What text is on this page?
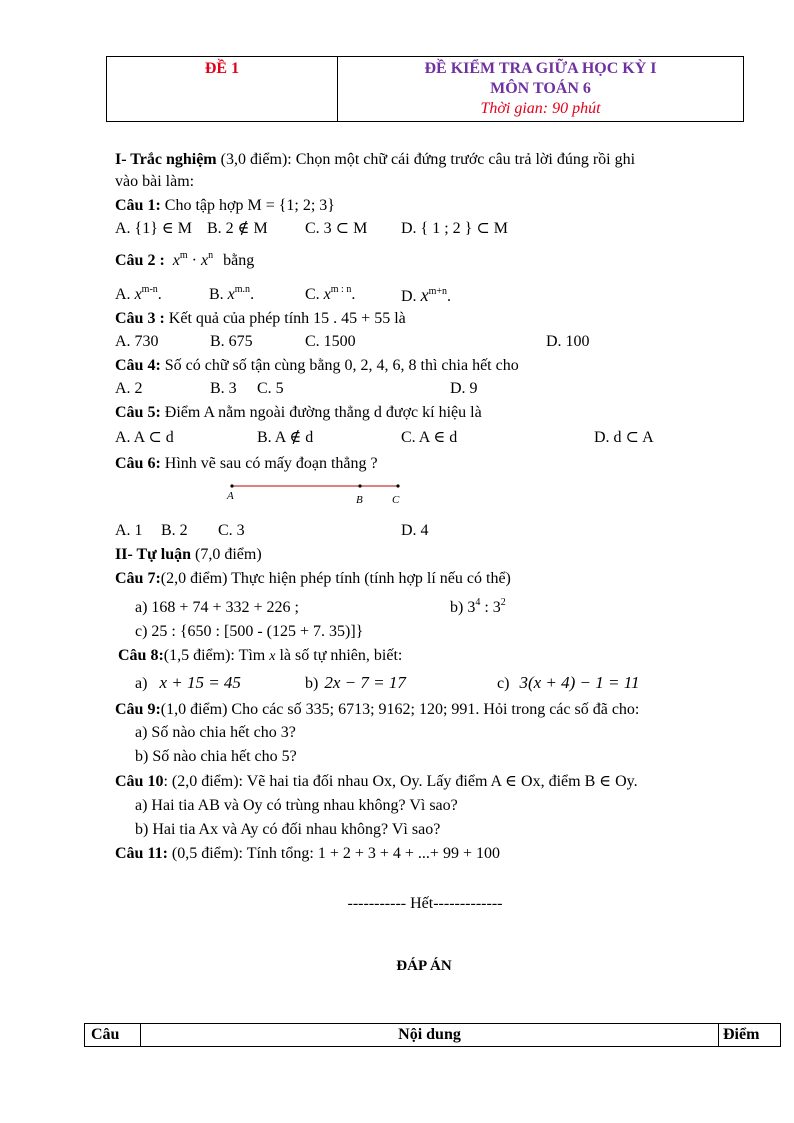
ĐỀ 1	ĐỀ KIỂM TRA GIỮA HỌC KỲ I
MÔN TOÁN 6
Thời gian: 90 phút
I- Trắc nghiệm (3,0 điểm): Chọn một chữ cái đứng trước câu trả lời đúng rồi ghi
vào bài làm:
Câu 1: Cho tập hợp M = {1; 2; 3}
A. {1} ∈ M B. 2 ∉ M C. 3 ⊂ M D. { 1 ; 2 } ⊂ M
Câu 2 : $x^m \cdot x^n$ bằng
A. $x^{m-n}$.	B. $x^{m.n}$.	C. $x^{m : n}$.	D. $x^{m+n}$.
Câu 3 : Kết quả của phép tính 15 . 45 + 55 là
A. 730	B. 675	C. 1500	D. 100
Câu 4: Số có chữ số tận cùng bằng 0, 2, 4, 6, 8 thì chia hết cho
A. 2	B. 3 C. 5	D. 9
Câu 5: Điểm A nằm ngoài đường thẳng d được kí hiệu là
A. A ⊂ d	B. A ∉ d	C. A ∈ d	D. d ⊂ A
Câu 6: Hình vẽ sau có mấy đoạn thẳng ?
A	B	C
A. 1 B. 2 C. 3	D. 4
II- Tự luận (7,0 điểm)
Câu 7:(2,0 điểm) Thực hiện phép tính (tính hợp lí nếu có thể)
a) 168 + 74 + 332 + 226 ;	b) $3^4$ : $3^2$
c) 25 : {650 : [500 - (125 + 7. 35)]}
Câu 8:(1,5 điểm): Tìm x là số tự nhiên, biết:
a) x + 15 = 45	b) 2x − 7 = 17	c) 3(x + 4) − 1 = 11
Câu 9:(1,0 điểm) Cho các số 335; 6713; 9162; 120; 991. Hỏi trong các số đã cho:
a) Số nào chia hết cho 3?
b) Số nào chia hết cho 5?
Câu 10: (2,0 điểm): Vẽ hai tia đối nhau Ox, Oy. Lấy điểm A ∈ Ox, điểm B ∈ Oy.
a) Hai tia AB và Oy có trùng nhau không? Vì sao?
b) Hai tia Ax và Ay có đối nhau không? Vì sao?
Câu 11: (0,5 điểm): Tính tổng: 1 + 2 + 3 + 4 + ...+ 99 + 100
----------- Hết-------------
ĐÁP ÁN
Câu	Nội dung	Điểm
